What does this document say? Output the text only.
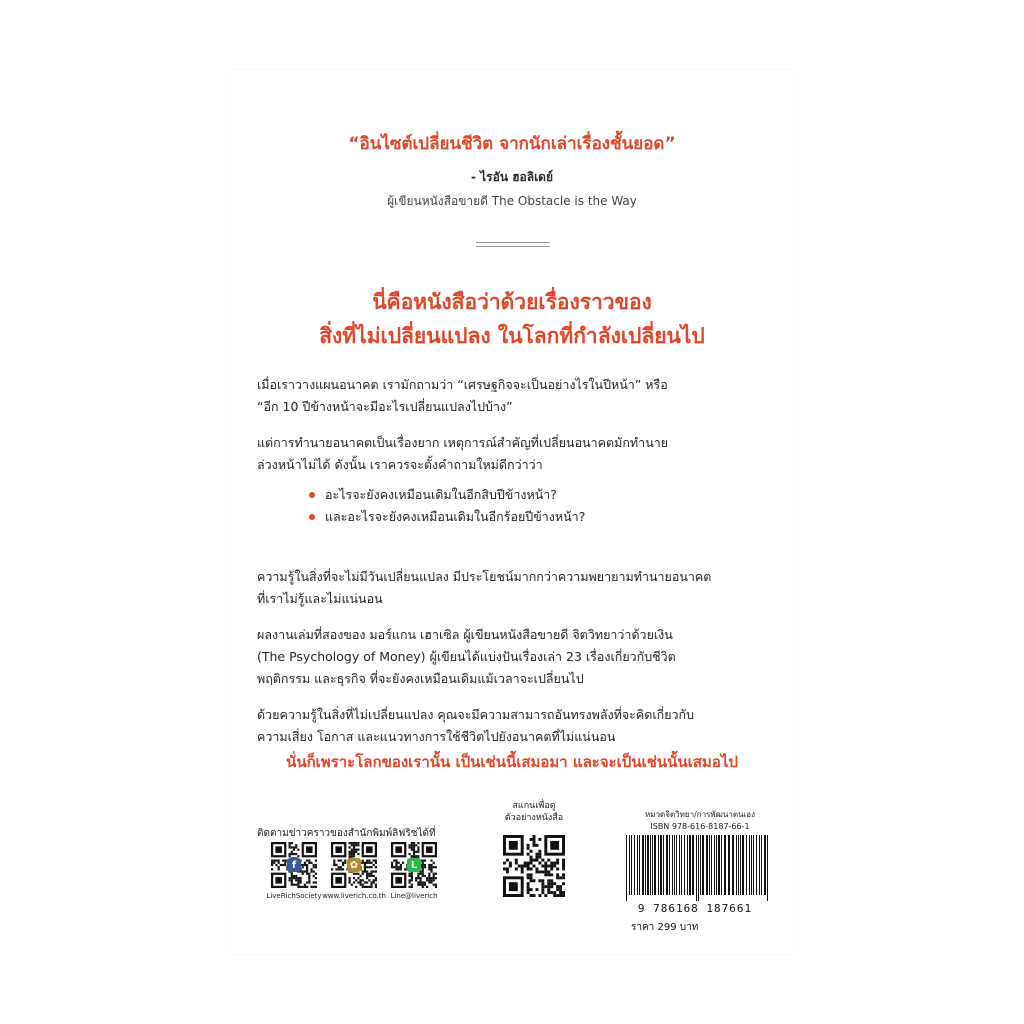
“อินไซต์เปลี่ยนชีวิต จากนักเล่าเรื่องชั้นยอด”
- ไรอัน ฮอลิเดย์
ผู้เขียนหนังสือขายดี The Obstacle is the Way
นี่คือหนังสือว่าด้วยเรื่องราวของ
สิ่งที่ไม่เปลี่ยนแปลง ในโลกที่กำลังเปลี่ยนไป
เมื่อเราวางแผนอนาคต เรามักถามว่า “เศรษฐกิจจะเป็นอย่างไรในปีหน้า” หรือ
“อีก 10 ปีข้างหน้าจะมีอะไรเปลี่ยนแปลงไปบ้าง”
แต่การทำนายอนาคตเป็นเรื่องยาก เหตุการณ์สำคัญที่เปลี่ยนอนาคตมักทำนาย
ล่วงหน้าไม่ได้ ดังนั้น เราควรจะตั้งคำถามใหม่ดีกว่าว่า
อะไรจะยังคงเหมือนเดิมในอีกสิบปีข้างหน้า?
และอะไรจะยังคงเหมือนเดิมในอีกร้อยปีข้างหน้า?
ความรู้ในสิ่งที่จะไม่มีวันเปลี่ยนแปลง มีประโยชน์มากกว่าความพยายามทำนายอนาคต
ที่เราไม่รู้และไม่แน่นอน
ผลงานเล่มที่สองของ มอร์แกน เฮาเซิล ผู้เขียนหนังสือขายดี จิตวิทยาว่าด้วยเงิน
(The Psychology of Money) ผู้เขียนได้แบ่งปันเรื่องเล่า 23 เรื่องเกี่ยวกับชีวิต
พฤติกรรม และธุรกิจ ที่จะยังคงเหมือนเดิมแม้เวลาจะเปลี่ยนไป
ด้วยความรู้ในสิ่งที่ไม่เปลี่ยนแปลง คุณจะมีความสามารถอันทรงพลังที่จะคิดเกี่ยวกับ
ความเสี่ยง โอกาส และแนวทางการใช้ชีวิตไปยังอนาคตที่ไม่แน่นอน
นั่นก็เพราะโลกของเรานั้น เป็นเช่นนี้เสมอมา และจะเป็นเช่นนั้นเสมอไป
ติดตามข่าวคราวของสำนักพิมพ์ลิฟริชได้ที่
f
LiveRichSociety
✿
www.liverich.co.th
L
Line@liverich
สแกนเพื่อดู
ตัวอย่างหนังสือ	หมวดจิตวิทยา/การพัฒนาตนเอง
ISBN 978-616-8187-66-1
9 786168 187661
ราคา 299 บาท
